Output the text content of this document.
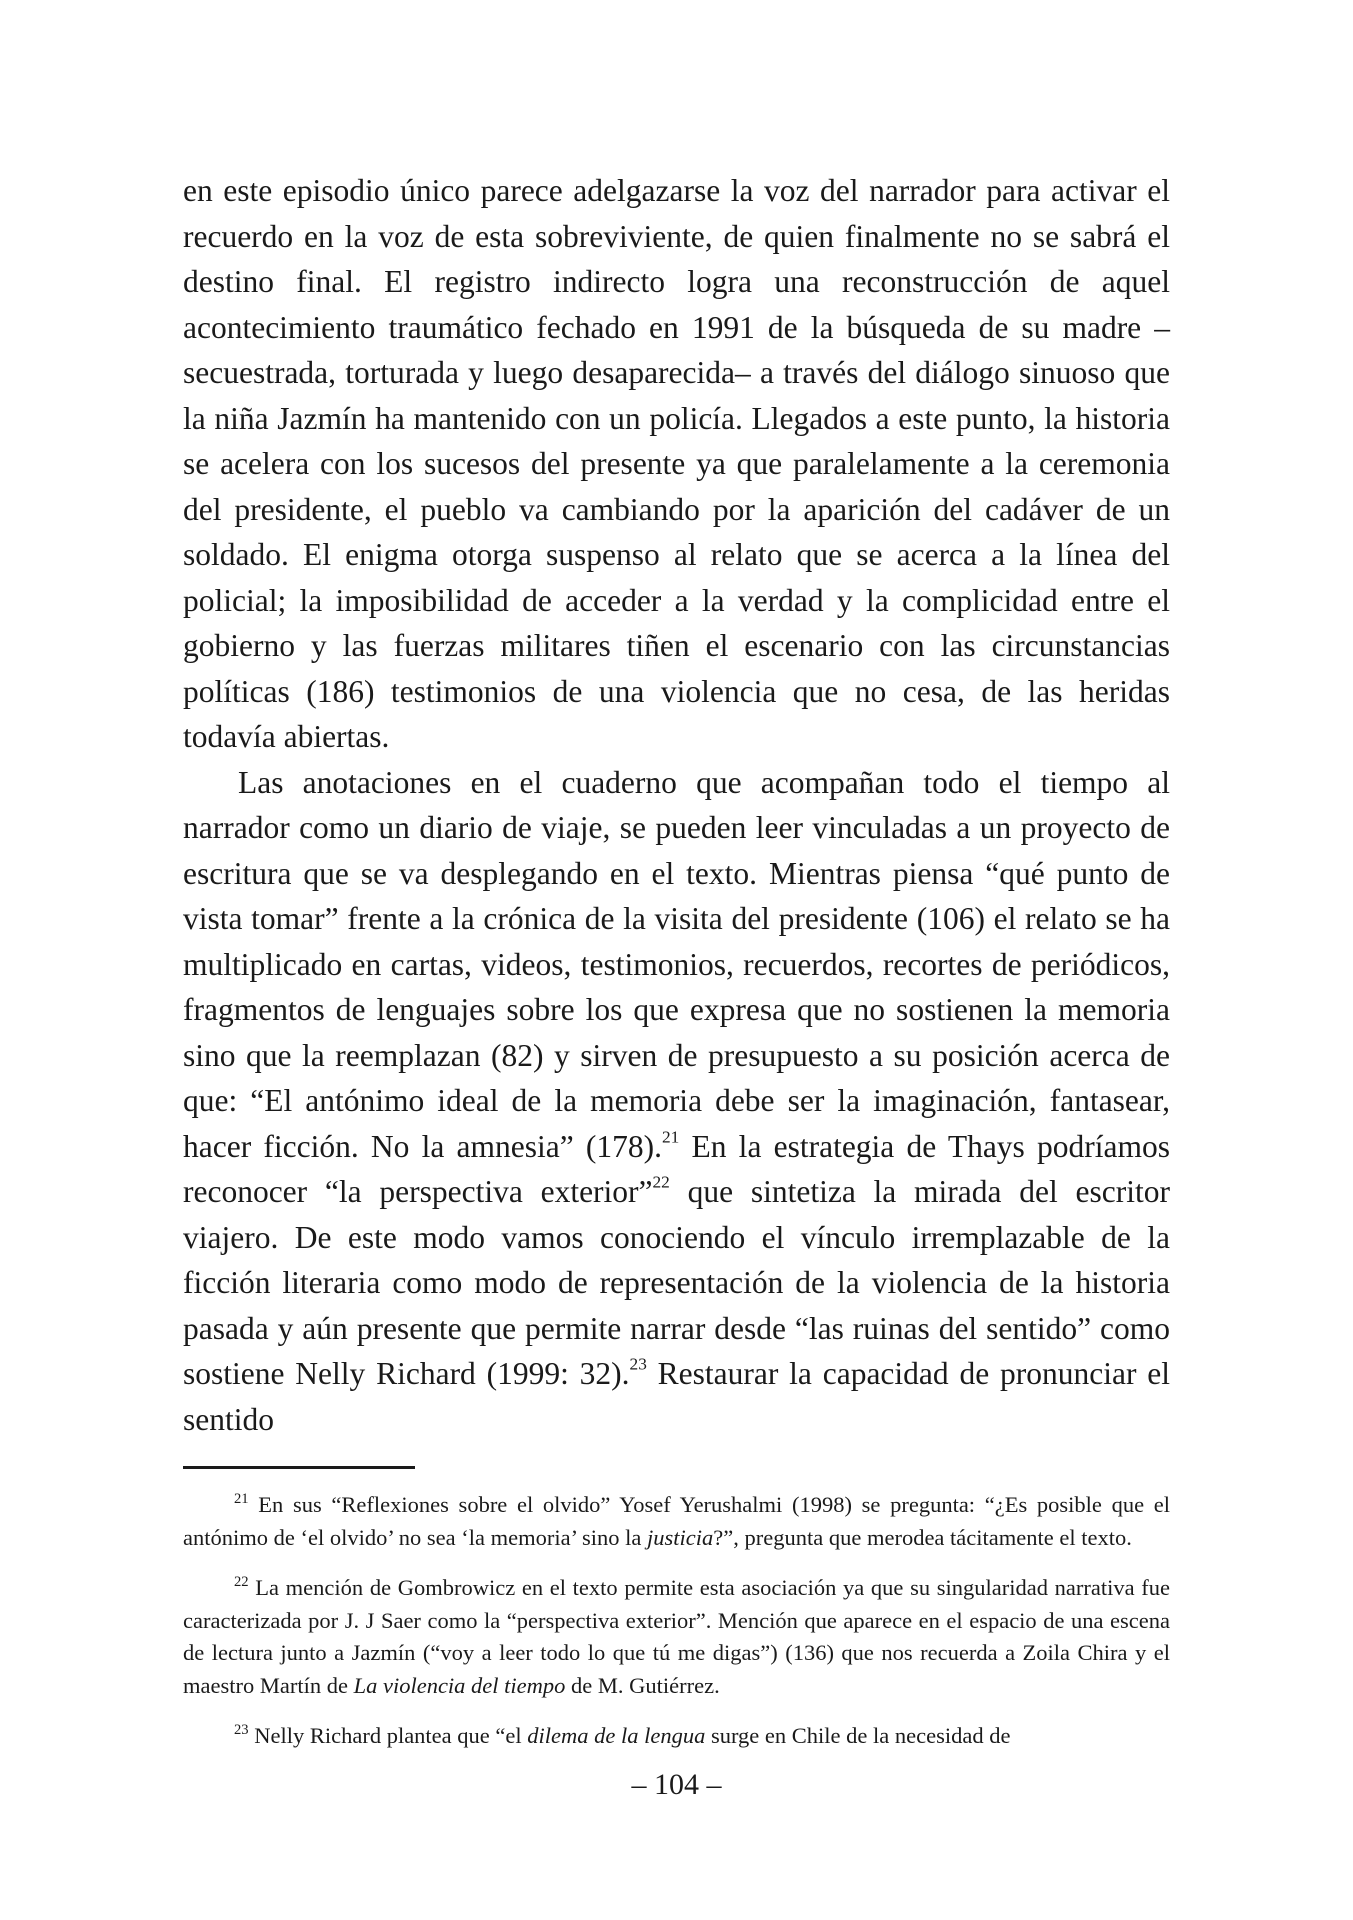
en este episodio único parece adelgazarse la voz del narrador para activar el recuerdo en la voz de esta sobreviviente, de quien finalmente no se sabrá el destino final. El registro indirecto logra una reconstrucción de aquel acontecimiento traumático fechado en 1991 de la búsqueda de su madre –secuestrada, torturada y luego desaparecida– a través del diálogo sinuoso que la niña Jazmín ha mantenido con un policía. Llegados a este punto, la historia se acelera con los sucesos del presente ya que paralelamente a la ceremonia del presidente, el pueblo va cambiando por la aparición del cadáver de un soldado. El enigma otorga suspenso al relato que se acerca a la línea del policial; la imposibilidad de acceder a la verdad y la complicidad entre el gobierno y las fuerzas militares tiñen el escenario con las circunstancias políticas (186) testimonios de una violencia que no cesa, de las heridas todavía abiertas.

Las anotaciones en el cuaderno que acompañan todo el tiempo al narrador como un diario de viaje, se pueden leer vinculadas a un proyecto de escritura que se va desplegando en el texto. Mientras piensa “qué punto de vista tomar” frente a la crónica de la visita del presidente (106) el relato se ha multiplicado en cartas, videos, testimonios, recuerdos, recortes de periódicos, fragmentos de lenguajes sobre los que expresa que no sostienen la memoria sino que la reemplazan (82) y sirven de presupuesto a su posición acerca de que: “El antónimo ideal de la memoria debe ser la imaginación, fantasear, hacer ficción. No la amnesia” (178).$^{21}$ En la estrategia de Thays podríamos reconocer “la perspectiva exterior”$^{22}$ que sintetiza la mirada del escritor viajero. De este modo vamos conociendo el vínculo irremplazable de la ficción literaria como modo de representación de la violencia de la historia pasada y aún presente que permite narrar desde “las ruinas del sentido” como sostiene Nelly Richard (1999: 32).$^{23}$ Restaurar la capacidad de pronunciar el sentido

$^{21}$ En sus “Reflexiones sobre el olvido” Yosef Yerushalmi (1998) se pregunta: “¿Es posible que el antónimo de ‘el olvido’ no sea ‘la memoria’ sino la justicia?”, pregunta que merodea tácitamente el texto.

$^{22}$ La mención de Gombrowicz en el texto permite esta asociación ya que su singularidad narrativa fue caracterizada por J. J Saer como la “perspectiva exterior”. Mención que aparece en el espacio de una escena de lectura junto a Jazmín (“voy a leer todo lo que tú me digas”) (136) que nos recuerda a Zoila Chira y el maestro Martín de La violencia del tiempo de M. Gutiérrez.

$^{23}$ Nelly Richard plantea que “el dilema de la lengua surge en Chile de la necesidad de

– 104 –
